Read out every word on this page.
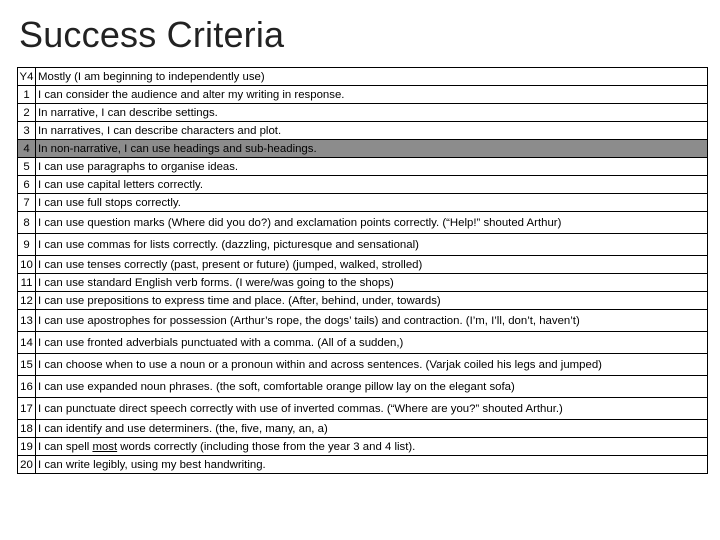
Success Criteria
Y4	Mostly (I am beginning to independently use)
1	I can consider the audience and alter my writing in response.
2	In narrative, I can describe settings.
3	In narratives, I can describe characters and plot.
4	In non-narrative, I can use headings and sub-headings.
5	I can use paragraphs to organise ideas.
6	I can use capital letters correctly.
7	I can use full stops correctly.
8	I can use question marks (Where did you do?) and exclamation points correctly. (“Help!” shouted Arthur)
9	I can use commas for lists correctly. (dazzling, picturesque and sensational)
10	I can use tenses correctly (past, present or future) (jumped, walked, strolled)
11	I can use standard English verb forms. (I were/was going to the shops)
12	I can use prepositions to express time and place. (After, behind, under, towards)
13	I can use apostrophes for possession (Arthur’s rope, the dogs’ tails) and contraction. (I’m, I’ll, don’t, haven’t)
14	I can use fronted adverbials punctuated with a comma. (All of a sudden,)
15	I can choose when to use a noun or a pronoun within and across sentences. (Varjak coiled his legs and jumped)
16	I can use expanded noun phrases. (the soft, comfortable orange pillow lay on the elegant sofa)
17	I can punctuate direct speech correctly with use of inverted commas. (“Where are you?” shouted Arthur.)
18	I can identify and use determiners. (the, five, many, an, a)
19	I can spell most words correctly (including those from the year 3 and 4 list).
20	I can write legibly, using my best handwriting.
